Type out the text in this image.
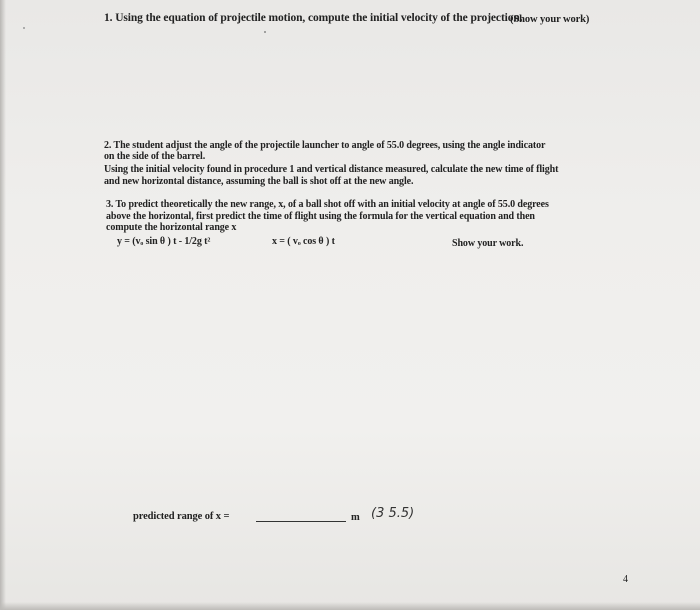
1. Using the equation of projectile motion, compute the initial velocity of the projection.
(Show your work)
2. The student adjust the angle of the projectile launcher to angle of 55.0 degrees, using the angle indicator
on the side of the barrel.
Using the initial velocity found in procedure 1 and vertical distance measured, calculate the new time of flight
and new horizontal distance, assuming the ball is shot off at the new angle.
3. To predict theoretically the new range, x, of a ball shot off with an initial velocity at angle of 55.0 degrees
above the horizontal, first predict the time of flight using the formula for the vertical equation and then
compute the horizontal range x
y = (vₒ sin θ ) t - 1/2g t²	x = ( vₒ cos θ ) t	Show your work.
predicted range of x =	m (3 5.5)
4
